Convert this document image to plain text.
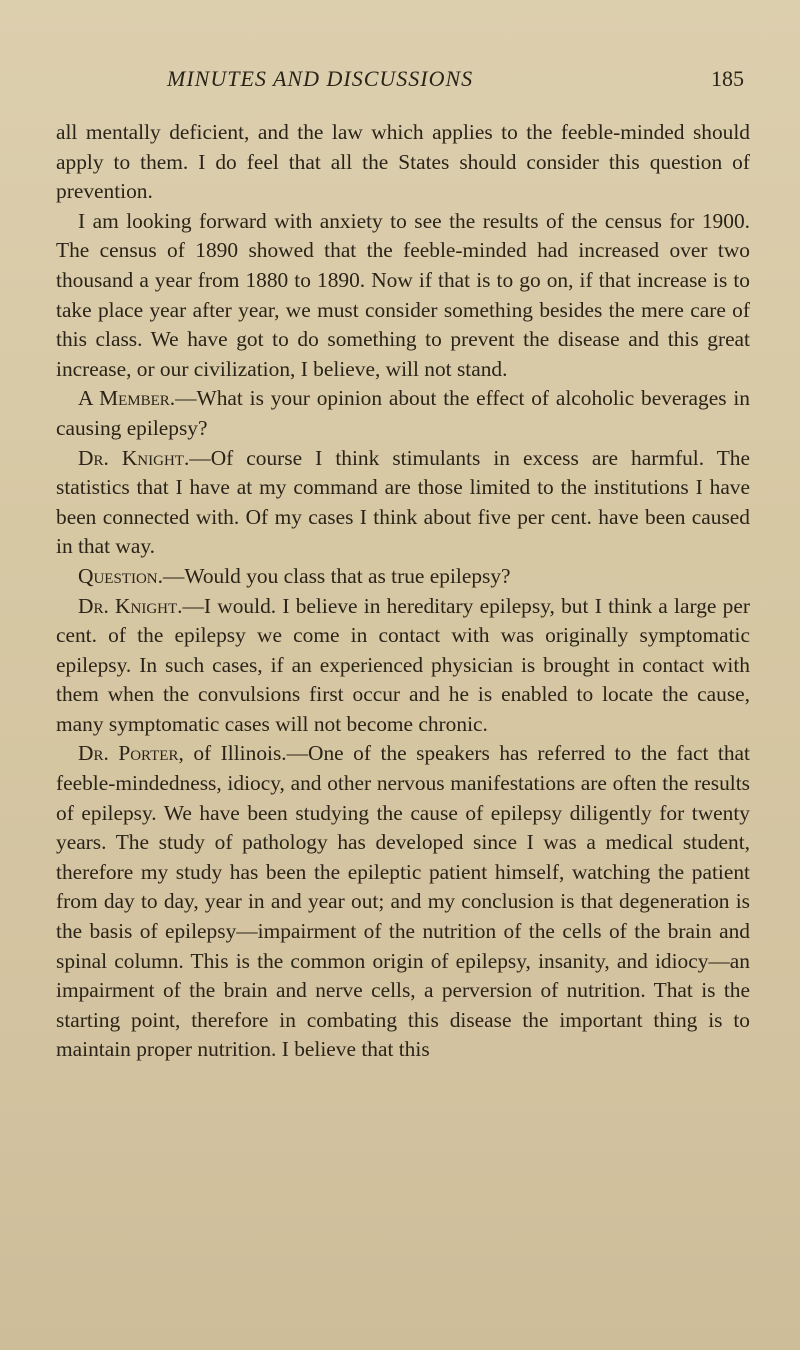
MINUTES AND DISCUSSIONS	185

all mentally deficient, and the law which applies to the feeble-minded should apply to them. I do feel that all the States should consider this question of prevention.

I am looking forward with anxiety to see the results of the census for 1900. The census of 1890 showed that the feeble-minded had increased over two thousand a year from 1880 to 1890. Now if that is to go on, if that increase is to take place year after year, we must consider something besides the mere care of this class. We have got to do something to prevent the disease and this great increase, or our civilization, I believe, will not stand.

A Member.—What is your opinion about the effect of alcoholic beverages in causing epilepsy?

Dr. Knight.—Of course I think stimulants in excess are harmful. The statistics that I have at my command are those limited to the institutions I have been connected with. Of my cases I think about five per cent. have been caused in that way.

Question.—Would you class that as true epilepsy?

Dr. Knight.—I would. I believe in hereditary epilepsy, but I think a large per cent. of the epilepsy we come in contact with was originally symptomatic epilepsy. In such cases, if an experienced physician is brought in contact with them when the convulsions first occur and he is enabled to locate the cause, many symptomatic cases will not become chronic.

Dr. Porter, of Illinois.—One of the speakers has referred to the fact that feeble-mindedness, idiocy, and other nervous manifestations are often the results of epilepsy. We have been studying the cause of epilepsy diligently for twenty years. The study of pathology has developed since I was a medical student, therefore my study has been the epileptic patient himself, watching the patient from day to day, year in and year out; and my conclusion is that degeneration is the basis of epilepsy—impairment of the nutrition of the cells of the brain and spinal column. This is the common origin of epilepsy, insanity, and idiocy—an impairment of the brain and nerve cells, a perversion of nutrition. That is the starting point, therefore in combating this disease the important thing is to maintain proper nutrition. I believe that this
